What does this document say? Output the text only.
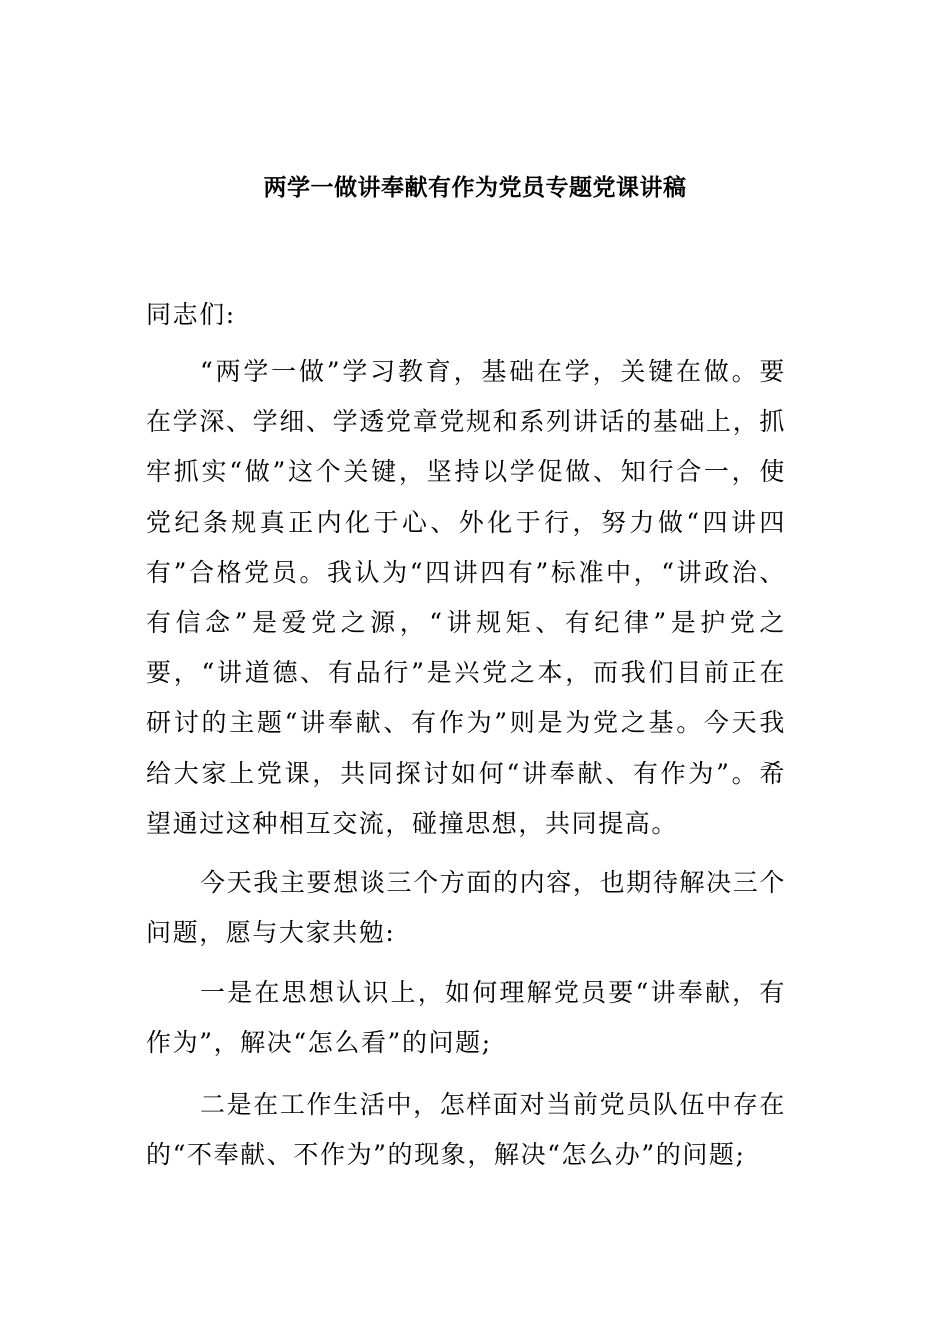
两学一做讲奉献有作为党员专题党课讲稿

同志们:

“两学一做”学习教育，基础在学，关键在做。要在学深、学细、学透党章党规和系列讲话的基础上，抓牢抓实“做”这个关键，坚持以学促做、知行合一，使党纪条规真正内化于心、外化于行，努力做“四讲四有”合格党员。我认为“四讲四有”标准中，“讲政治、有信念”是爱党之源，“讲规矩、有纪律”是护党之要，“讲道德、有品行”是兴党之本，而我们目前正在研讨的主题“讲奉献、有作为”则是为党之基。今天我给大家上党课，共同探讨如何“讲奉献、有作为”。希望通过这种相互交流，碰撞思想，共同提高。

今天我主要想谈三个方面的内容，也期待解决三个问题，愿与大家共勉:

一是在思想认识上，如何理解党员要“讲奉献，有作为”，解决“怎么看”的问题;

二是在工作生活中，怎样面对当前党员队伍中存在的“不奉献、不作为”的现象，解决“怎么办”的问题;
